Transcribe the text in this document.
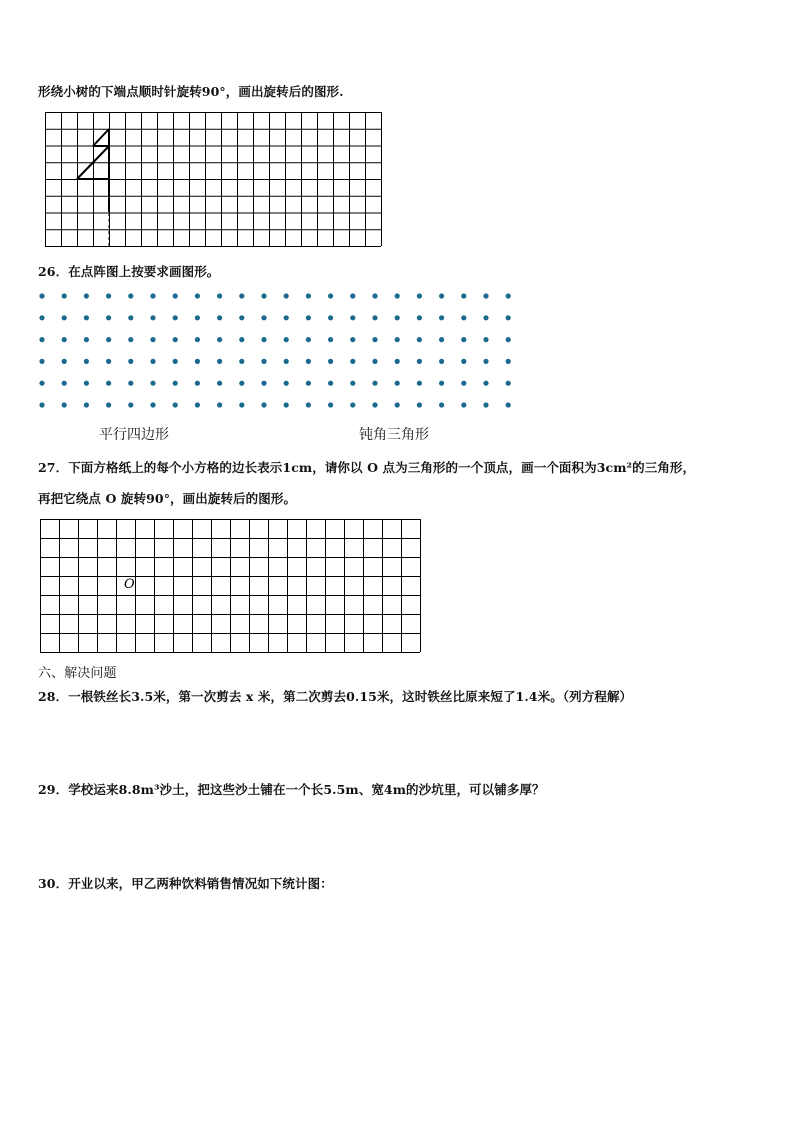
形绕小树的下端点顺时针旋转90°，画出旋转后的图形.
26．在点阵图上按要求画图形。
平行四边形	钝角三角形
27．下面方格纸上的每个小方格的边长表示1cm，请你以 O 点为三角形的一个顶点，画一个面积为3cm²的三角形，
再把它绕点 O 旋转90°，画出旋转后的图形。
O
六、解决问题
28．一根铁丝长3.5米，第一次剪去 x 米，第二次剪去0.15米，这时铁丝比原来短了1.4米。（列方程解）
29．学校运来8.8m³沙土，把这些沙土铺在一个长5.5m、宽4m的沙坑里，可以铺多厚？
30．开业以来，甲乙两种饮料销售情况如下统计图：
